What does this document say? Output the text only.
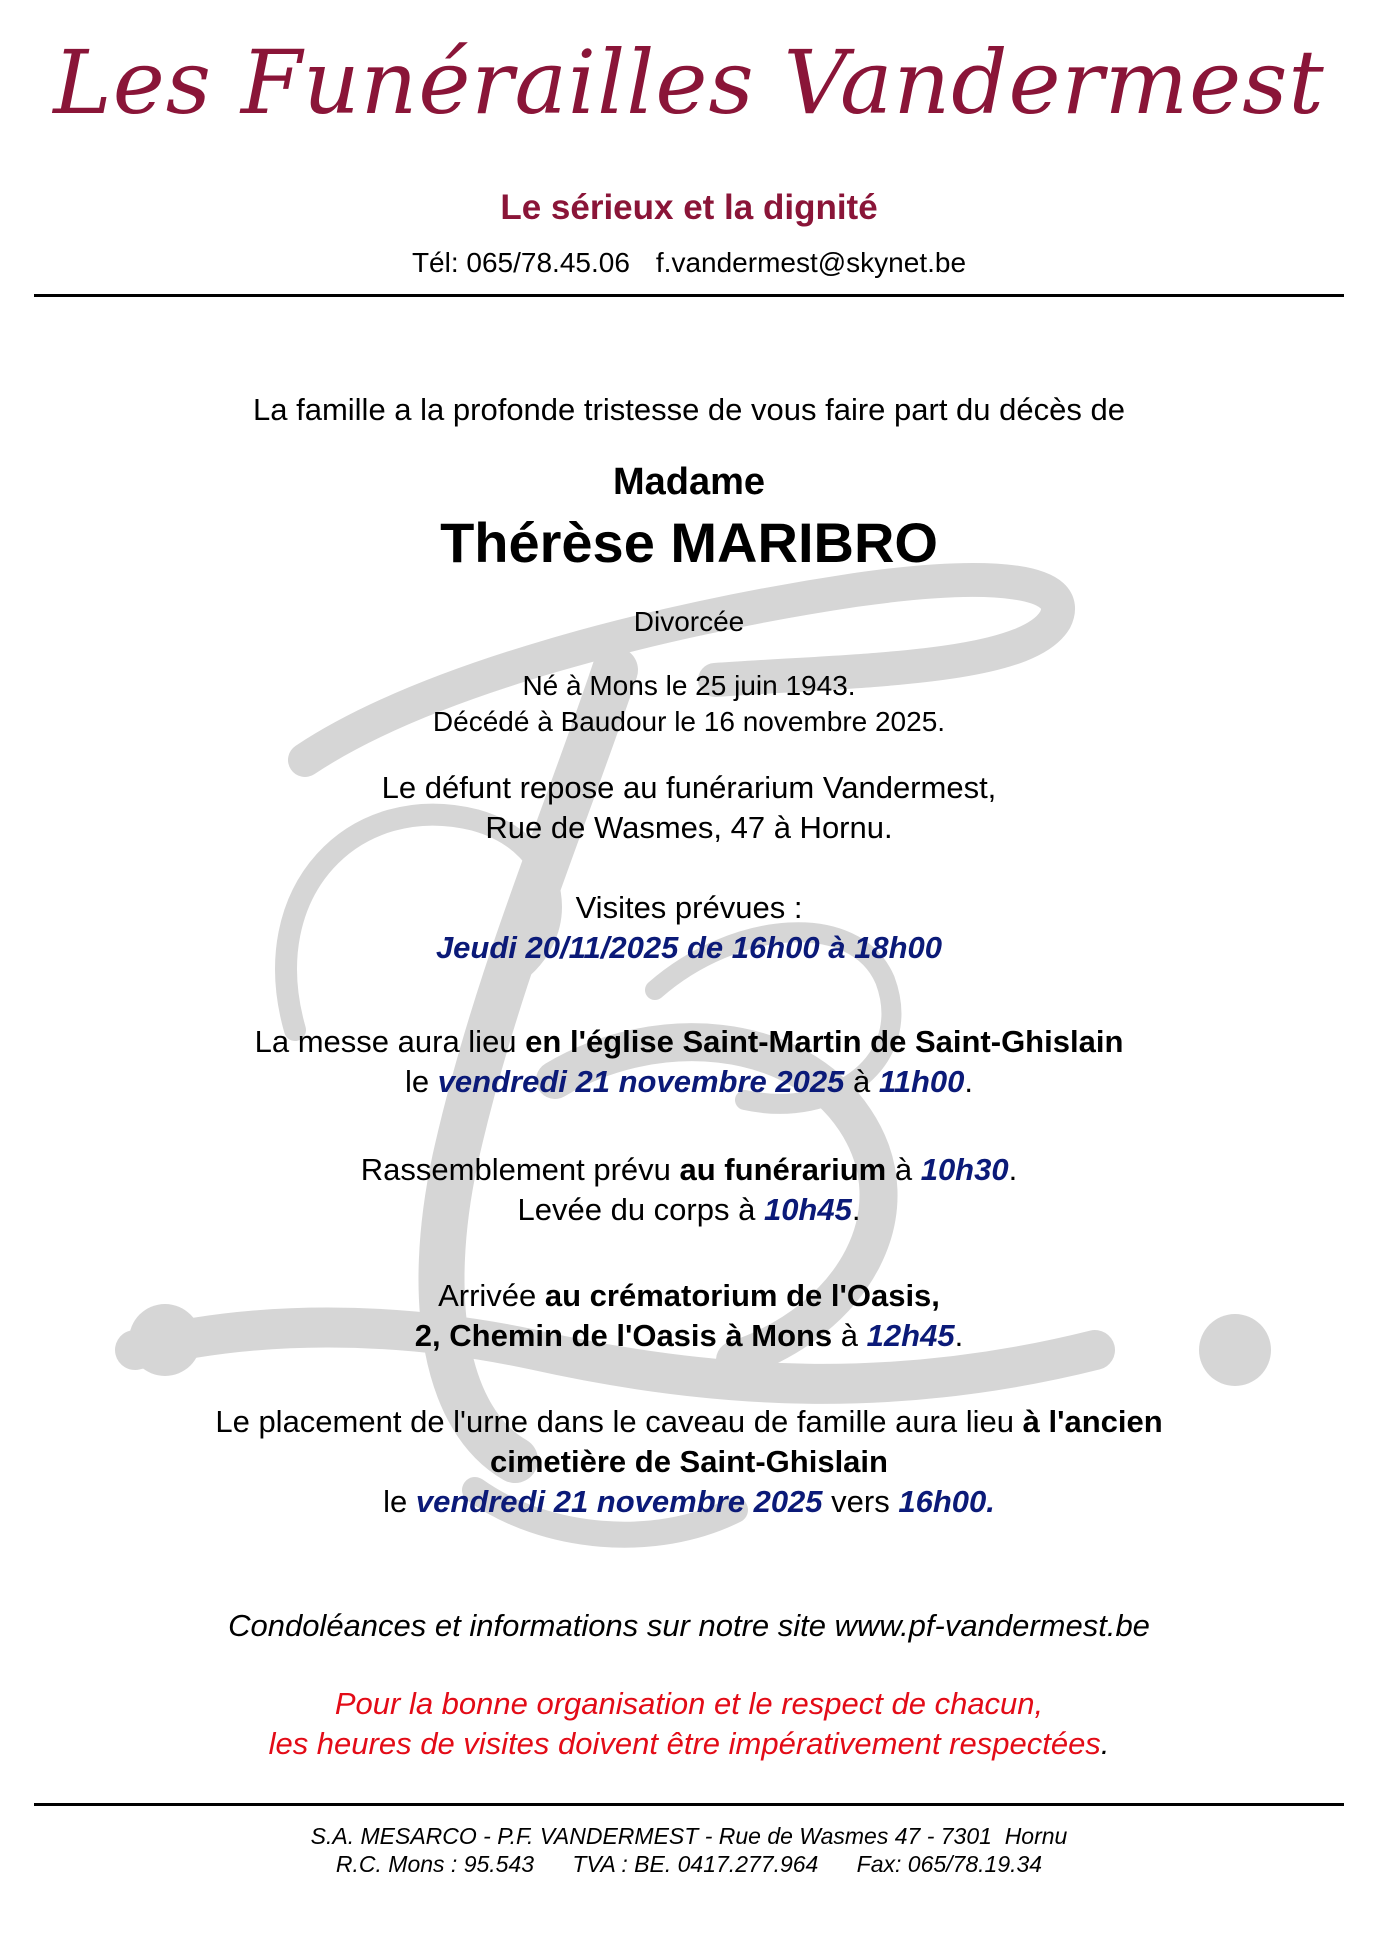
Les Funérailles Vandermest
Le sérieux et la dignité
Tél: 065/78.45.06 f.vandermest@skynet.be
La famille a la profonde tristesse de vous faire part du décès de
Madame
Thérèse MARIBRO
Divorcée
Né à Mons le 25 juin 1943.
Décédé à Baudour le 16 novembre 2025.
Le défunt repose au funérarium Vandermest,
Rue de Wasmes, 47 à Hornu.
Visites prévues :
Jeudi 20/11/2025 de 16h00 à 18h00
La messe aura lieu en l'église Saint-Martin de Saint-Ghislain
le vendredi 21 novembre 2025 à 11h00.
Rassemblement prévu au funérarium à 10h30.
Levée du corps à 10h45.
Arrivée au crématorium de l'Oasis,
2, Chemin de l'Oasis à Mons à 12h45.
Le placement de l'urne dans le caveau de famille aura lieu à l'ancien
cimetière de Saint-Ghislain
le vendredi 21 novembre 2025 vers 16h00.
Condoléances et informations sur notre site www.pf-vandermest.be
Pour la bonne organisation et le respect de chacun,
les heures de visites doivent être impérativement respectées.
S.A. MESARCO - P.F. VANDERMEST - Rue de Wasmes 47 - 7301  Hornu
R.C. Mons : 95.543      TVA : BE. 0417.277.964      Fax: 065/78.19.34
